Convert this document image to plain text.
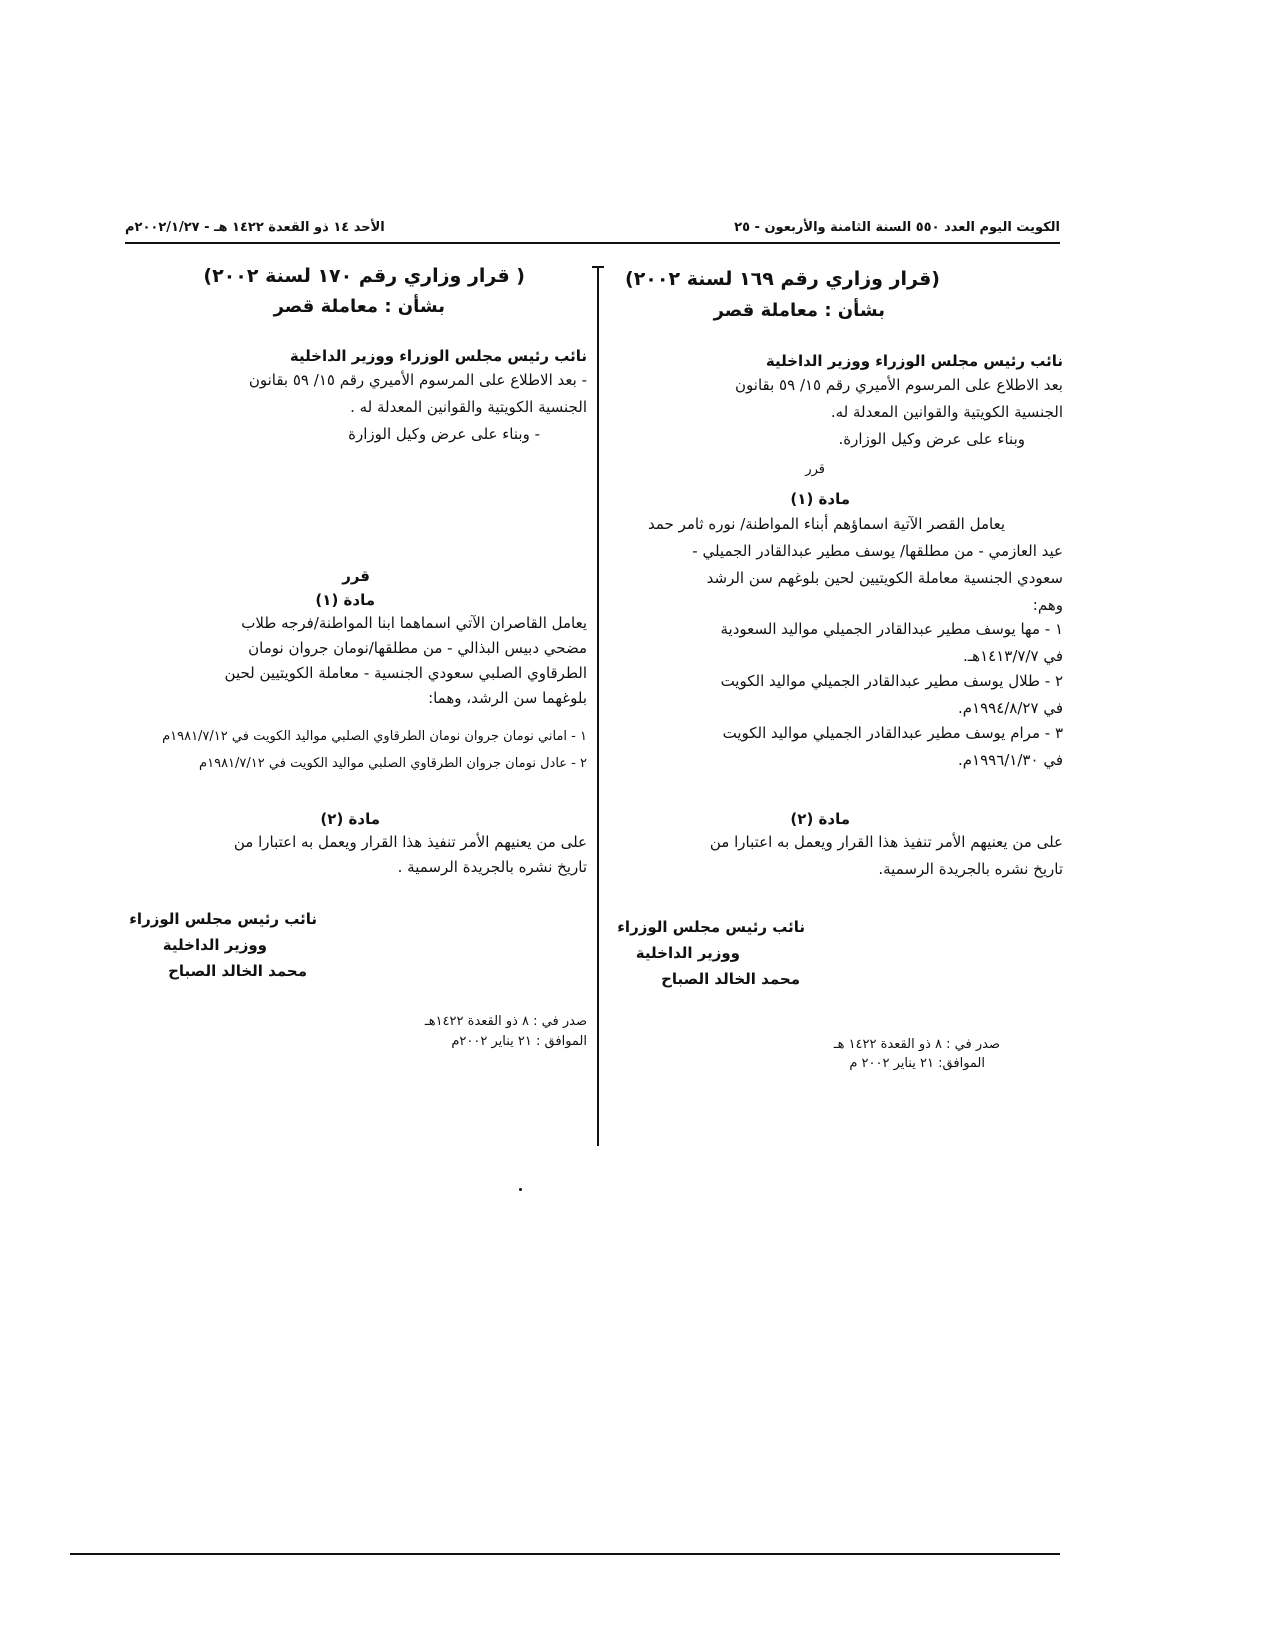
الكويت اليوم العدد ٥٥٠ السنة الثامنة والأربعون - ٢٥
الأحد ١٤ ذو القعدة ١٤٢٢ هـ - ٢٠٠٢/١/٢٧م
(قرار وزاري رقم ١٦٩ لسنة ٢٠٠٢)
بشأن : معاملة قصر
نائب رئيس مجلس الوزراء ووزير الداخلية
بعد الاطلاع على المرسوم الأميري رقم ١٥/ ٥٩ بقانون
الجنسية الكويتية والقوانين المعدلة له.
وبناء على عرض وكيل الوزارة.
قرر
مادة (١)
يعامل القصر الآتية اسماؤهم أبناء المواطنة/ نوره ثامر حمد
عيد العازمي - من مطلقها/ يوسف مطير عبدالقادر الجميلي -
سعودي الجنسية معاملة الكويتيين لحين بلوغهم سن الرشد
وهم:
١ - مها يوسف مطير عبدالقادر الجميلي مواليد السعودية
في ١٤١٣/٧/٧هـ.
٢ - طلال يوسف مطير عبدالقادر الجميلي مواليد الكويت
في ١٩٩٤/٨/٢٧م.
٣ - مرام يوسف مطير عبدالقادر الجميلي مواليد الكويت
في ١٩٩٦/١/٣٠م.
مادة (٢)
على من يعنيهم الأمر تنفيذ هذا القرار ويعمل به اعتبارا من
تاريخ نشره بالجريدة الرسمية.
نائب رئيس مجلس الوزراء
ووزير الداخلية
محمد الخالد الصباح
صدر في : ٨ ذو القعدة ١٤٢٢ هـ
الموافق: ٢١ يناير ٢٠٠٢ م
( قرار وزاري رقم ١٧٠ لسنة ٢٠٠٢)
بشأن : معاملة قصر
نائب رئيس مجلس الوزراء ووزير الداخلية
- بعد الاطلاع على المرسوم الأميري رقم ١٥/ ٥٩ بقانون
الجنسية الكويتية والقوانين المعدلة له .
- وبناء على عرض وكيل الوزارة
قرر
مادة (١)
يعامل القاصران الآتي اسماهما ابنا المواطنة/فرجه طلاب
مضحي دبيس البذالي - من مطلقها/نومان جروان نومان
الطرقاوي الصلبي سعودي الجنسية - معاملة الكويتيين لحين
بلوغهما سن الرشد، وهما:
١ - اماني نومان جروان نومان الطرقاوي الصلبي مواليد الكويت في ١٩٨١/٧/١٢م
٢ - عادل نومان جروان الطرقاوي الصلبي مواليد الكويت في ١٩٨١/٧/١٢م
مادة (٢)
على من يعنيهم الأمر تنفيذ هذا القرار ويعمل به اعتبارا من
تاريخ نشره بالجريدة الرسمية .
نائب رئيس مجلس الوزراء
ووزير الداخلية
محمد الخالد الصباح
صدر في : ٨ ذو القعدة ١٤٢٢هـ
الموافق : ٢١ يناير ٢٠٠٢م
